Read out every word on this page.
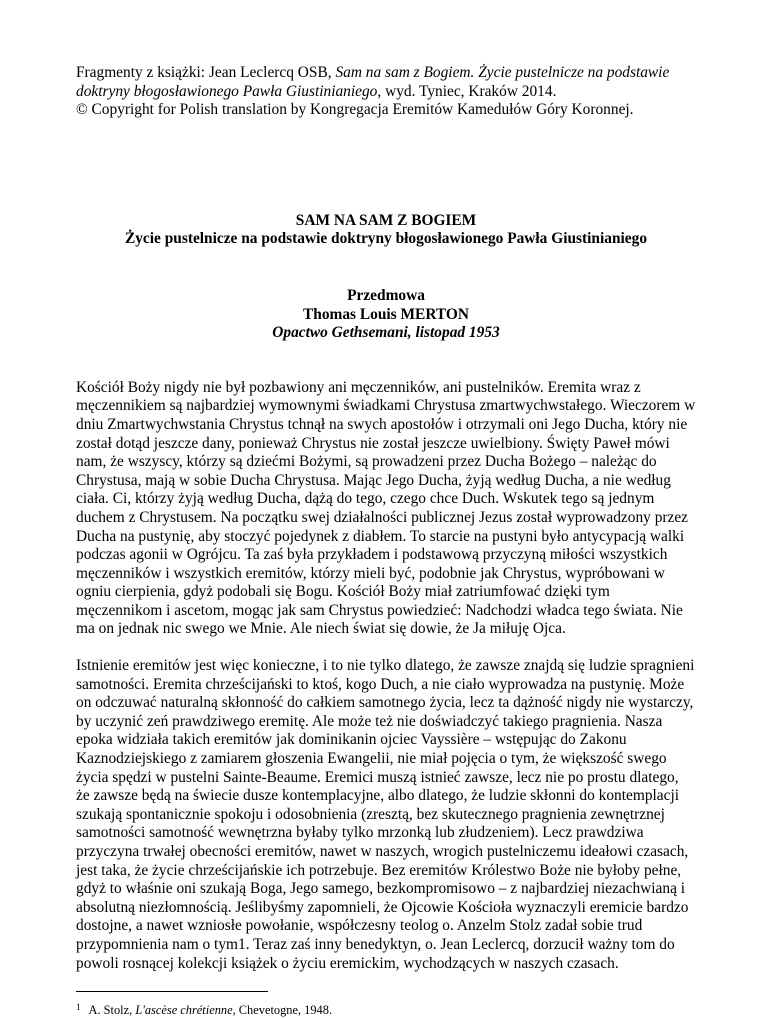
Fragmenty z książki: Jean Leclercq OSB, Sam na sam z Bogiem. Życie pustelnicze na podstawie doktryny błogosławionego Pawła Giustinianiego, wyd. Tyniec, Kraków 2014.

© Copyright for Polish translation by Kongregacja Eremitów Kamedułów Góry Koronnej.

SAM NA SAM Z BOGIEM
Życie pustelnicze na podstawie doktryny błogosławionego Pawła Giustinianiego
Przedmowa
Thomas Louis MERTON
Opactwo Gethsemani, listopad 1953

Kościół Boży nigdy nie był pozbawiony ani męczenników, ani pustelników. Eremita wraz z męczennikiem są najbardziej wymownymi świadkami Chrystusa zmartwychwstałego. Wieczorem w dniu Zmartwychwstania Chrystus tchnął na swych apostołów i otrzymali oni Jego Ducha, który nie został dotąd jeszcze dany, ponieważ Chrystus nie został jeszcze uwielbiony. Święty Paweł mówi nam, że wszyscy, którzy są dziećmi Bożymi, są prowadzeni przez Ducha Bożego – należąc do Chrystusa, mają w sobie Ducha Chrystusa. Mając Jego Ducha, żyją według Ducha, a nie według ciała. Ci, którzy żyją według Ducha, dążą do tego, czego chce Duch. Wskutek tego są jednym duchem z Chrystusem. Na początku swej działalności publicznej Jezus został wyprowadzony przez Ducha na pustynię, aby stoczyć pojedynek z diabłem. To starcie na pustyni było antycypacją walki podczas agonii w Ogrójcu. Ta zaś była przykładem i podstawową przyczyną miłości wszystkich męczenników i wszystkich eremitów, którzy mieli być, podobnie jak Chrystus, wypróbowani w ogniu cierpienia, gdyż podobali się Bogu. Kościół Boży miał zatriumfować dzięki tym męczennikom i ascetom, mogąc jak sam Chrystus powiedzieć: Nadchodzi władca tego świata. Nie ma on jednak nic swego we Mnie. Ale niech świat się dowie, że Ja miłuję Ojca.

Istnienie eremitów jest więc konieczne, i to nie tylko dlatego, że zawsze znajdą się ludzie spragnieni samotności. Eremita chrześcijański to ktoś, kogo Duch, a nie ciało wyprowadza na pustynię. Może on odczuwać naturalną skłonność do całkiem samotnego życia, lecz ta dążność nigdy nie wystarczy, by uczynić zeń prawdziwego eremitę. Ale może też nie doświadczyć takiego pragnienia. Nasza epoka widziała takich eremitów jak dominikanin ojciec Vayssière – wstępując do Zakonu Kaznodziejskiego z zamiarem głoszenia Ewangelii, nie miał pojęcia o tym, że większość swego życia spędzi w pustelni Sainte-Beaume. Eremici muszą istnieć zawsze, lecz nie po prostu dlatego, że zawsze będą na świecie dusze kontemplacyjne, albo dlatego, że ludzie skłonni do kontemplacji szukają spontanicznie spokoju i odosobnienia (zresztą, bez skutecznego pragnienia zewnętrznej samotności samotność wewnętrzna byłaby tylko mrzonką lub złudzeniem). Lecz prawdziwa przyczyna trwałej obecności eremitów, nawet w naszych, wrogich pustelniczemu ideałowi czasach, jest taka, że życie chrześcijańskie ich potrzebuje. Bez eremitów Królestwo Boże nie byłoby pełne, gdyż to właśnie oni szukają Boga, Jego samego, bezkompromisowo – z najbardziej niezachwianą i absolutną niezłomnością. Jeślibyśmy zapomnieli, że Ojcowie Kościoła wyznaczyli eremicie bardzo dostojne, a nawet wzniosłe powołanie, współczesny teolog o. Anzelm Stolz zadał sobie trud przypomnienia nam o tym1. Teraz zaś inny benedyktyn, o. Jean Leclercq, dorzucił ważny tom do powoli rosnącej kolekcji książek o życiu eremickim, wychodzących w naszych czasach.

$^1$ A. Stolz, L'ascèse chrétienne, Chevetogne, 1948.
